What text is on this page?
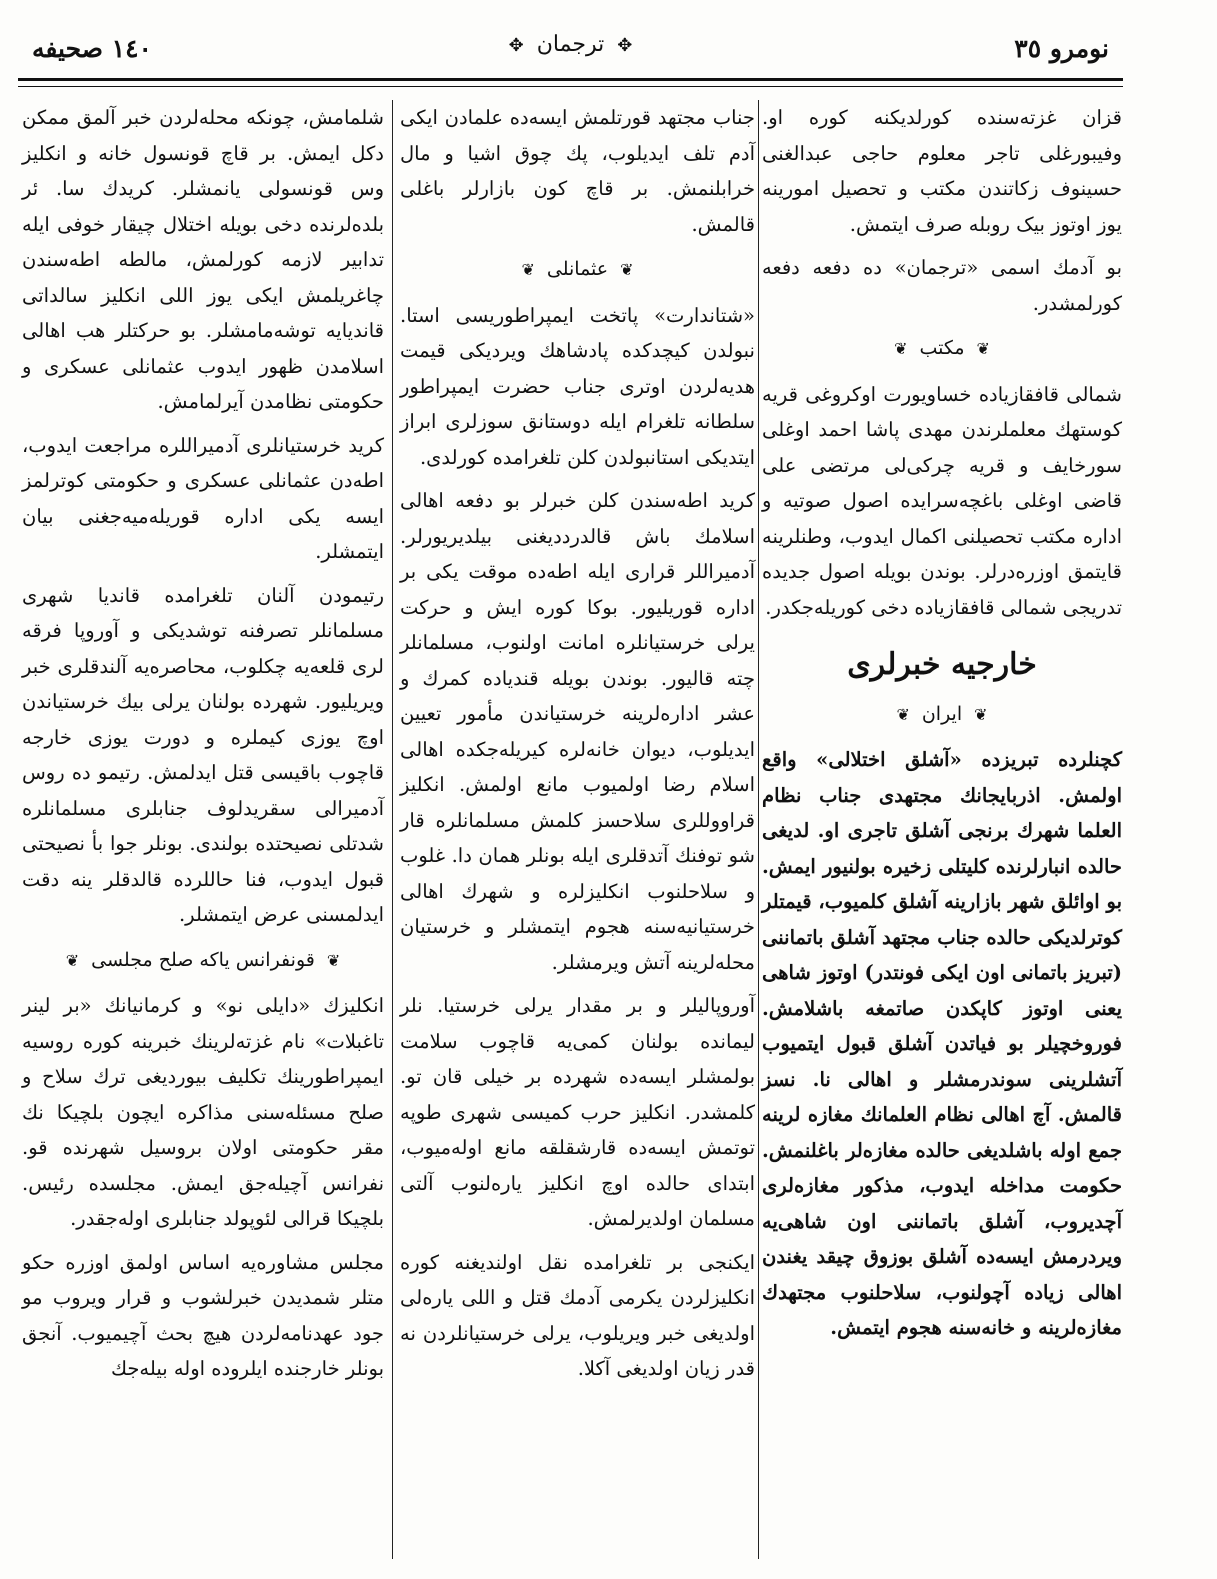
نومرو ٣٥
✥ ترجمان ✥
١٤٠ صحيفه

قزان غزته‌سنده کورلدیکنه کوره او. وفیبورغلی تاجر معلوم حاجی عبدالغنی حسینوف زکاتندن مکتب و تحصیل امورینه یوز اوتوز بیک روبله صرف ایتمش.

بو آدمك اسمی «ترجمان» ده دفعه دفعه کورلمشدر.

❦مکتب❦

شمالی قافقازیاده خساویورت اوکروغی قریه کوستهك معلملرندن مهدی پاشا احمد اوغلی سورخایف و قریه چرکی‌لی مرتضی علی قاضی اوغلی باغچه‌سرایده اصول صوتیه و اداره مکتب تحصیلنی اکمال ایدوب، وطنلرینه قایتمق اوزره‌درلر. بوندن بویله اصول جدیده تدریجی شمالی قافقازیاده دخی کوریله‌جکدر.

خارجیه خبرلری
❦ایران❦

کچنلرده تبریزده «آشلق اختلالی» واقع اولمش. اذربایجانك مجتهدی جناب نظام العلما شهرك برنجی آشلق تاجری او. لدیغی حالده انبارلرنده کلیتلی زخیره بولنیور ایمش. بو اوائلق شهر بازارینه آشلق کلمیوب، قیمتلر کوترلدیکی حالده جناب مجتهد آشلق باتماننی (تبریز باتمانی اون ایکی فونتدر) اوتوز شاهی یعنی اوتوز کاپکدن صاتمغه باشلامش. فوروخچیلر بو فیاتدن آشلق قبول ایتمیوب آتشلرینی سوندرمشلر و اهالی نا. نسز قالمش. آچ اهالی نظام العلمانك مغازه لرینه جمع اوله باشلدیغی حالده مغازه‌لر باغلنمش. حکومت مداخله ایدوب، مذکور مغازه‌لری آچدیروب، آشلق باتماننی اون شاهی‌یه ویردرمش ایسه‌ده آشلق بوزوق چیقد یغندن اهالی زیاده آچولنوب، سلاحلنوب مجتهدك مغازه‌لرینه و خانه‌سنه هجوم ایتمش.

جناب مجتهد قورتلمش ایسه‌ده علمادن ایکی آدم تلف ایدیلوب، پك چوق اشیا و مال خرابلنمش. بر قاچ کون بازارلر باغلی قالمش.

❦عثمانلی❦

«شتاندارت» پاتخت ایمپراطوریسی استا. نبولدن کیچدکده پادشاهك ویردیکی قیمت هدیه‌لردن اوتری جناب حضرت ایمپراطور سلطانه تلغرام ایله دوستانق سوزلری ابراز ایتدیکی استانبولدن کلن تلغرامده کورلدی.

کرید اطه‌سندن کلن خبرلر بو دفعه اهالی اسلامك باش قالدرددیغنی بیلدیریورلر. آدمیراللر قراری ایله اطه‌ده موقت یکی بر اداره قوریلیور. بوکا کوره ایش و حرکت یرلی خرستیانلره امانت اولنوب، مسلمانلر چته قالیور. بوندن بویله قندیاده کمرك و عشر اداره‌لرینه خرستیاندن مأمور تعیین ایدیلوب، دیوان خانه‌لره کیریله‌جکده اهالی اسلام رضا اولمیوب مانع اولمش. انکلیز قراووللری سلاحسز کلمش مسلمانلره قار شو توفنك آتدقلری ایله بونلر همان دا. غلوب و سلاحلنوب انکلیزلره و شهرك اهالی خرستیانیه‌سنه هجوم ایتمشلر و خرستیان محله‌لرینه آتش ویرمشلر.

آوروپالیلر و بر مقدار یرلی خرستیا. نلر لیمانده بولنان کمی‌یه قاچوب سلامت بولمشلر ایسه‌ده شهرده بر خیلی قان تو. کلمشدر. انکلیز حرب کمیسی شهری طوپه توتمش ایسه‌ده قارشقلقه مانع اوله‌میوب، ابتدای حالده اوچ انکلیز یاره‌لنوب آلتی مسلمان اولدیرلمش.

ایکنجی بر تلغرامده نقل اولندیغنه کوره انکلیزلردن یکرمی آدمك قتل و اللی یاره‌لی اولدیغی خبر ویریلوب، یرلی خرستیانلردن نه قدر زیان اولدیغی آکلا.

شلمامش، چونکه محله‌لردن خبر آلمق ممکن دکل ایمش. بر قاچ قونسول خانه و انکلیز وس قونسولی یانمشلر. کریدك سا. ئر بلده‌لرنده دخی بویله اختلال چیقار خوفی ایله تدابیر لازمه کورلمش، مالطه اطه‌سندن چاغریلمش ایکی یوز اللی انکلیز سالداتی قاندیایه توشه‌مامشلر. بو حرکتلر هب اهالی اسلامدن ظهور ایدوب عثمانلی عسکری و حکومتی نظامدن آیرلمامش.

کرید خرستیانلری آدمیراللره مراجعت ایدوب، اطه‌دن عثمانلی عسکری و حکومتی کوترلمز ایسه یکی اداره قوریله‌میه‌جغنی بیان ایتمشلر.

رتیمودن آلنان تلغرامده قاندیا شهری مسلمانلر تصرفنه توشدیکی و آوروپا فرقه لری قلعه‌یه چکلوب، محاصره‌یه آلندقلری خبر ویریلیور. شهرده بولنان یرلی بیك خرستیاندن اوچ یوزی کیملره و دورت یوزی خارجه قاچوب باقیسی قتل ایدلمش. رتیمو ده روس آدمیرالی سقریدلوف جنابلری مسلمانلره شدتلی نصیحتده بولندی. بونلر جوا بأ نصیحتی قبول ایدوب، فنا حاللرده قالدقلر ینه دقت ایدلمسنی عرض ایتمشلر.

❦قونفرانس یاکه صلح مجلسی❦

انکلیزك «دایلی نو» و کرمانیانك «بر لینر تاغبلات» نام غزته‌لرینك خبرینه کوره روسیه ایمپراطورینك تکلیف بیوردیغی ترك سلاح و صلح مسئله‌سنی مذاکره ایچون بلچیکا نك مقر حکومتی اولان بروسیل شهرنده قو. نفرانس آچیله‌جق ایمش. مجلسده رئیس. بلچیکا قرالی لئوپولد جنابلری اوله‌جقدر.

مجلس مشاوره‌یه اساس اولمق اوزره حکو متلر شمدیدن خبرلشوب و قرار ویروب مو جود عهدنامه‌لردن هیچ بحث آچیمیوب. آنجق بونلر خارجنده ایلروده اوله بیله‌جك
